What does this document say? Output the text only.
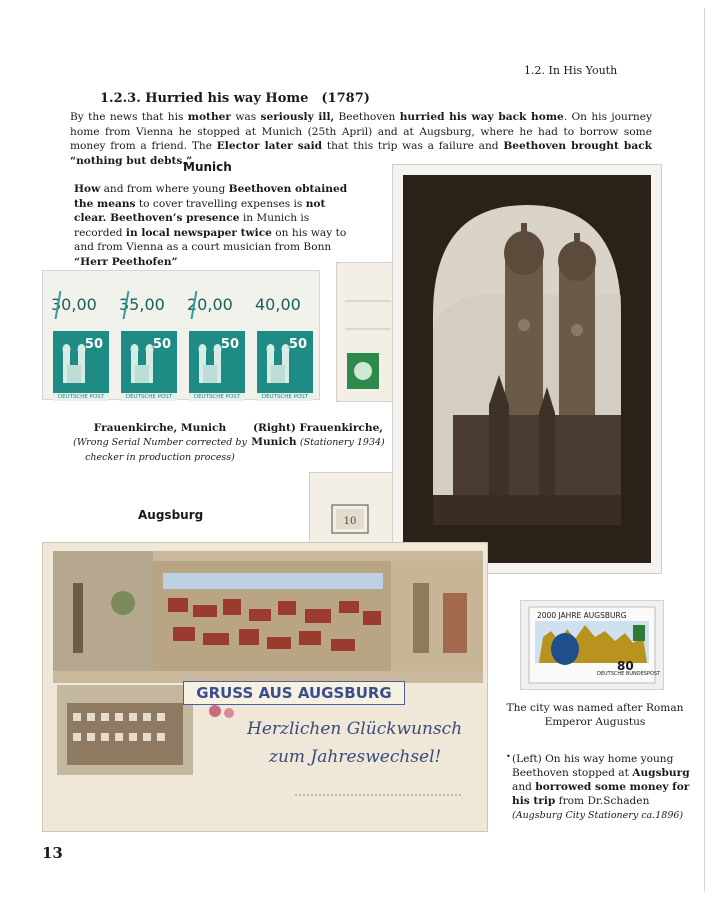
1.2. In His Youth
1.2.3. Hurried his way Home (1787)
By the news that his mother was seriously ill, Beethoven hurried his way back home. On his journey home from Vienna he stopped at Munich (25th April) and at Augsburg, where he had to borrow some money from a friend. The Elector later said that this trip was a failure and Beethoven brought back “nothing but debts.”
Munich
How and from where young Beethoven obtained the means to cover travelling expenses is not clear. Beethoven’s presence in Munich is recorded in local newspaper twice on his way to and from Vienna as a court musician from Bonn “Herr Peethofen”
30,00
50
DEUTSCHE POST
35,00
50
DEUTSCHE POST
20,00
50
DEUTSCHE POST
40,00
50
DEUTSCHE POST
Frauenkirche, Munich
(Wrong Serial Number corrected by checker in production process)
(Right) Frauenkirche, Munich (Stationery 1934)
Augsburg	10
GRUSS AUS AUGSBURG
Herzlichen Glückwunsch
zum Jahreswechsel!
2000 JAHRE AUGSBURG
80
DEUTSCHE BUNDESPOST
The city was named after Roman Emperor Augustus
• (Left) On his way home young Beethoven stopped at Augsburg and borrowed some money for his trip from Dr.Schaden (Augsburg City Stationery ca.1896)
13
